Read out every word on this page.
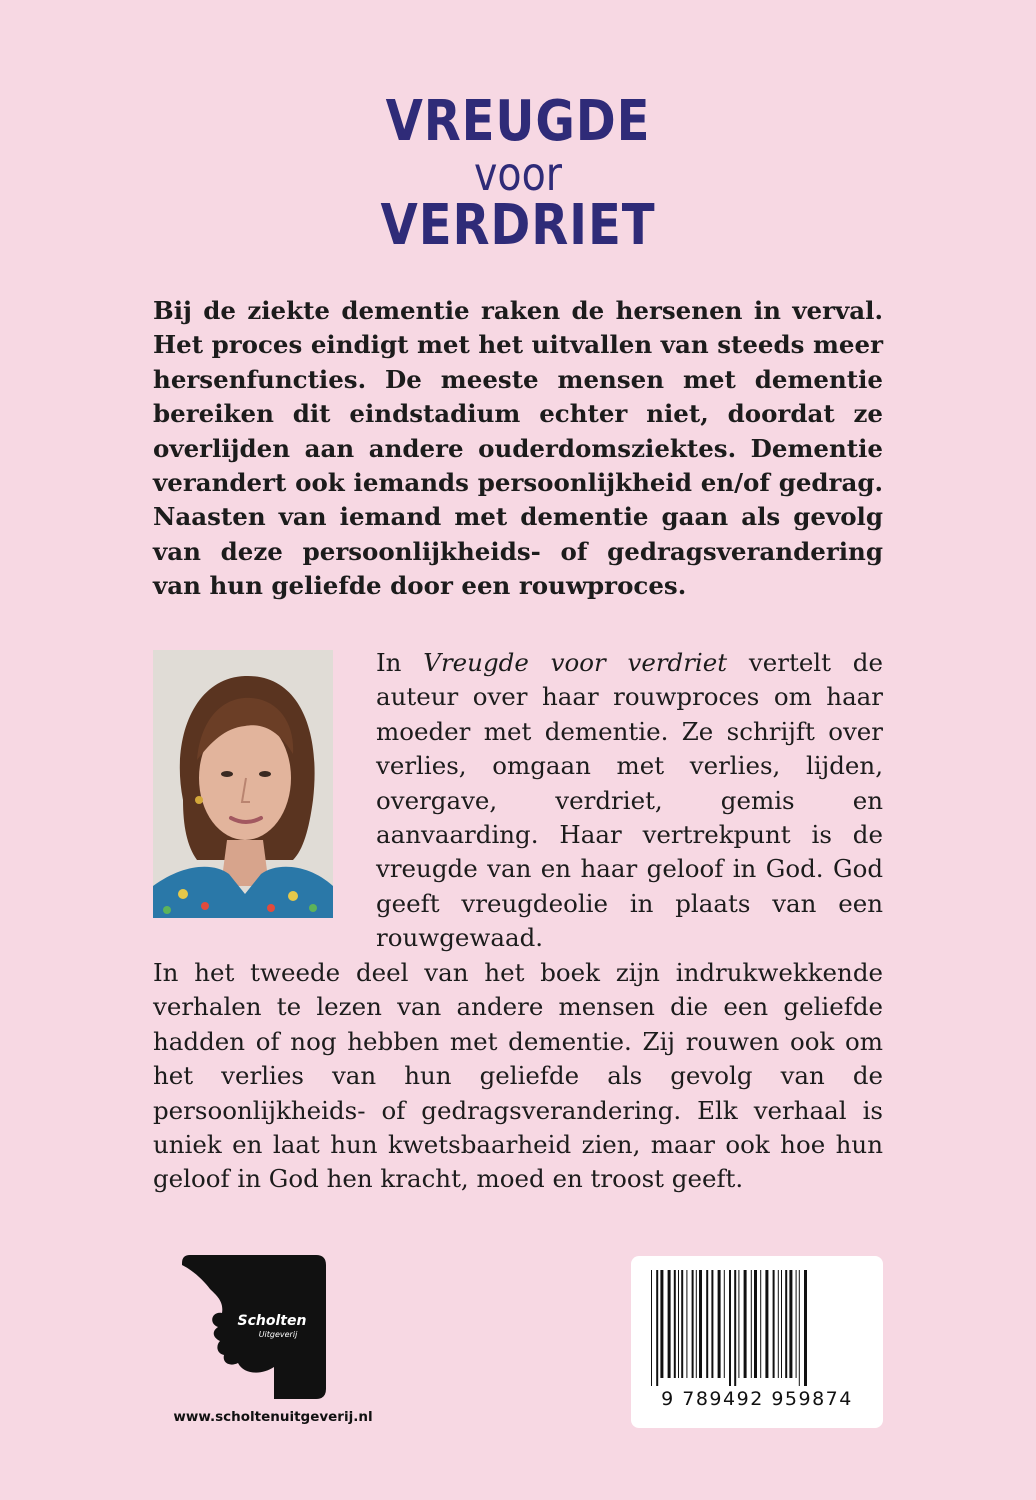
VREUGDE
voor
VERDRIET

Bij de ziekte dementie raken de hersenen in verval. Het proces eindigt met het uitvallen van steeds meer hersenfuncties. De meeste mensen met dementie bereiken dit eindstadium echter niet, doordat ze overlijden aan andere ouderdomsziektes. Dementie verandert ook iemands persoonlijkheid en/of gedrag. Naasten van iemand met dementie gaan als gevolg van deze persoonlijkheids- of gedragsverandering van hun geliefde door een rouwproces.

In Vreugde voor verdriet vertelt de auteur over haar rouwproces om haar moeder met dementie. Ze schrijft over verlies, omgaan met verlies, lijden, overgave, verdriet, gemis en aanvaarding. Haar vertrekpunt is de vreugde van en haar geloof in God. God geeft vreugdeolie in plaats van een rouwgewaad.

In het tweede deel van het boek zijn indrukwekkende verhalen te lezen van andere mensen die een geliefde hadden of nog hebben met dementie. Zij rouwen ook om het verlies van hun geliefde als gevolg van de persoonlijkheids- of gedragsverandering. Elk verhaal is uniek en laat hun kwetsbaarheid zien, maar ook hoe hun geloof in God hen kracht, moed en troost geeft.

Scholten
Uitgeverij
www.scholtenuitgeverij.nl
9 789492 959874
